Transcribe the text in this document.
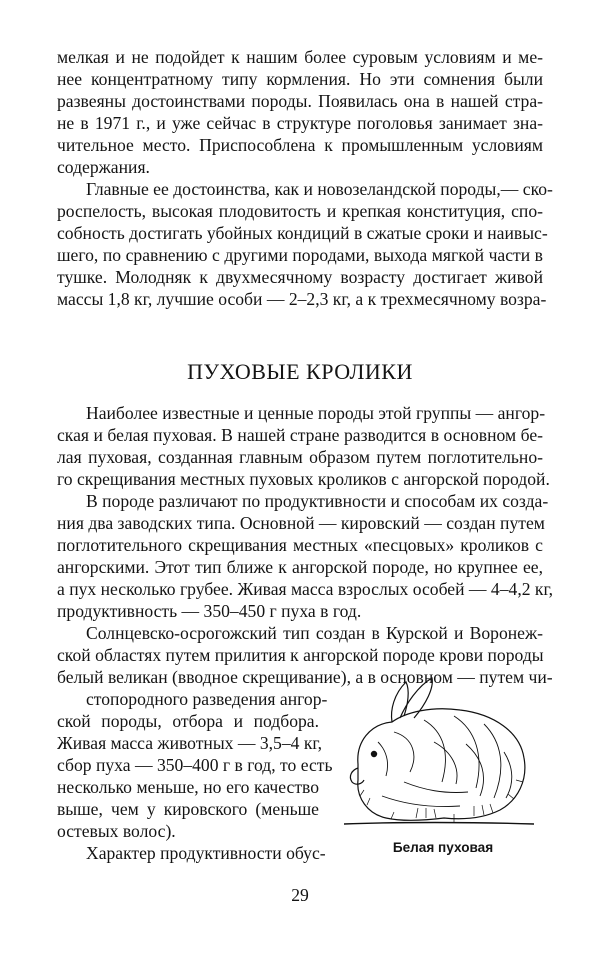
мелкая и не подойдет к нашим более суровым условиям и ме-
нее концентратному типу кормления. Но эти сомнения были
развеяны достоинствами породы. Появилась она в нашей стра-
не в 1971 г., и уже сейчас в структуре поголовья занимает зна-
чительное место. Приспособлена к промышленным условиям
содержания.
Главные ее достоинства, как и новозеландской породы,— ско-
роспелость, высокая плодовитость и крепкая конституция, спо-
собность достигать убойных кондиций в сжатые сроки и наивыс-
шего, по сравнению с другими породами, выхода мягкой части в
тушке. Молодняк к двухмесячному возрасту достигает живой
массы 1,8 кг, лучшие особи — 2–2,3 кг, а к трехмесячному возра-
ПУХОВЫЕ КРОЛИКИ
Наиболее известные и ценные породы этой группы — ангор-
ская и белая пуховая. В нашей стране разводится в основном бе-
лая пуховая, созданная главным образом путем поглотительно-
го скрещивания местных пуховых кроликов с ангорской породой.
В породе различают по продуктивности и способам их созда-
ния два заводских типа. Основной — кировский — создан путем
поглотительного скрещивания местных «песцовых» кроликов с
ангорскими. Этот тип ближе к ангорской породе, но крупнее ее,
а пух несколько грубее. Живая масса взрослых особей — 4–4,2 кг,
продуктивность — 350–450 г пуха в год.
Солнцевско-осрогожский тип создан в Курской и Воронеж-
ской областях путем прилития к ангорской породе крови породы
белый великан (вводное скрещивание), а в основном — путем чи-
стопородного разведения ангор-
ской породы, отбора и подбора.
Живая масса животных — 3,5–4 кг,
сбор пуха — 350–400 г в год, то есть
несколько меньше, но его качество
выше, чем у кировского (меньше
остевых волос).
Характер продуктивности обус-	Белая пуховая
29
